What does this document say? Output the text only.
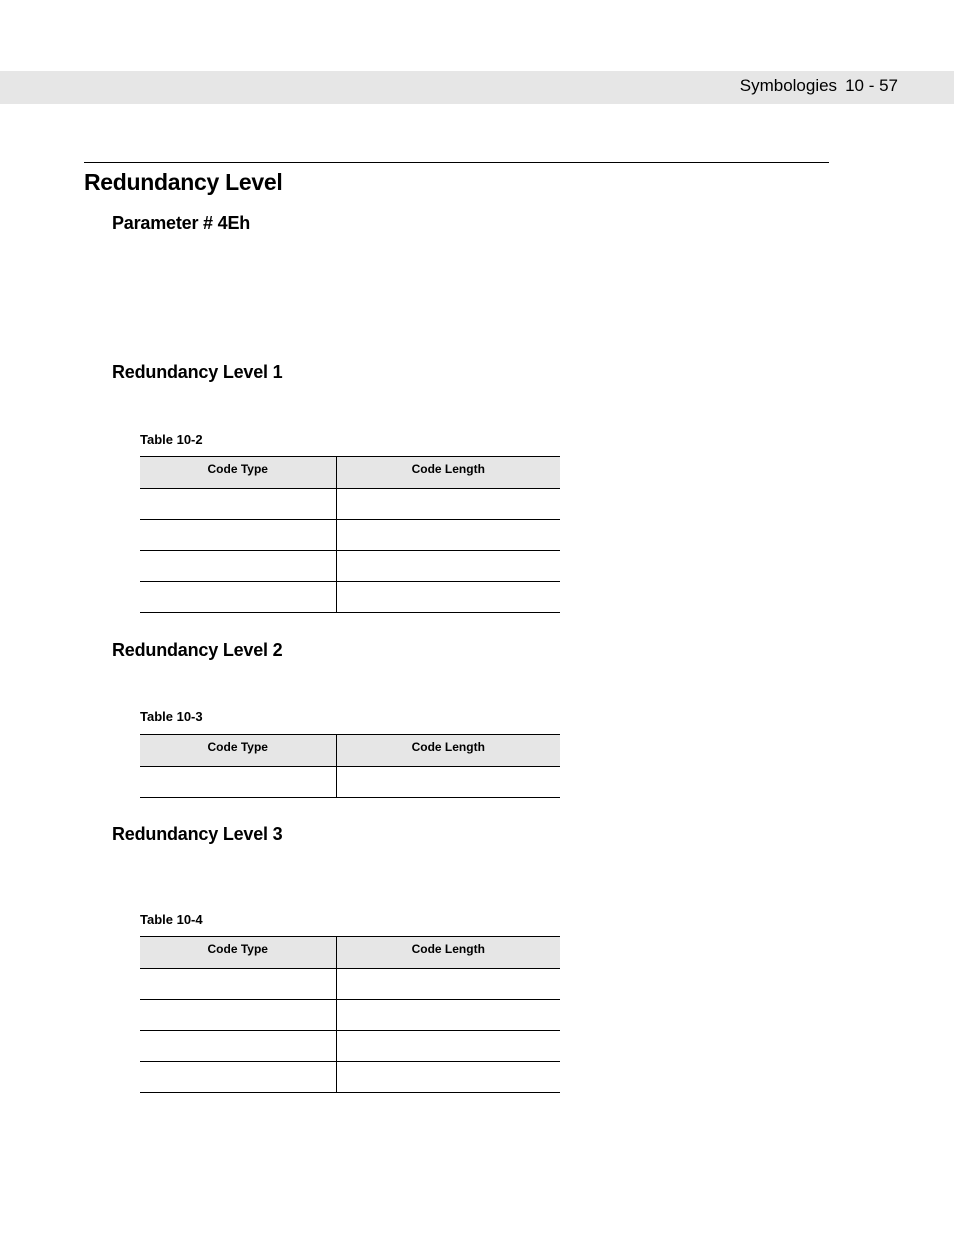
Symbologies 10 - 57
Redundancy Level
Parameter # 4Eh
Redundancy Level 1
Table 10-2
Code Type	Code Length

Redundancy Level 2
Table 10-3
Code Type	Code Length

Redundancy Level 3
Table 10-4
Code Type	Code Length
